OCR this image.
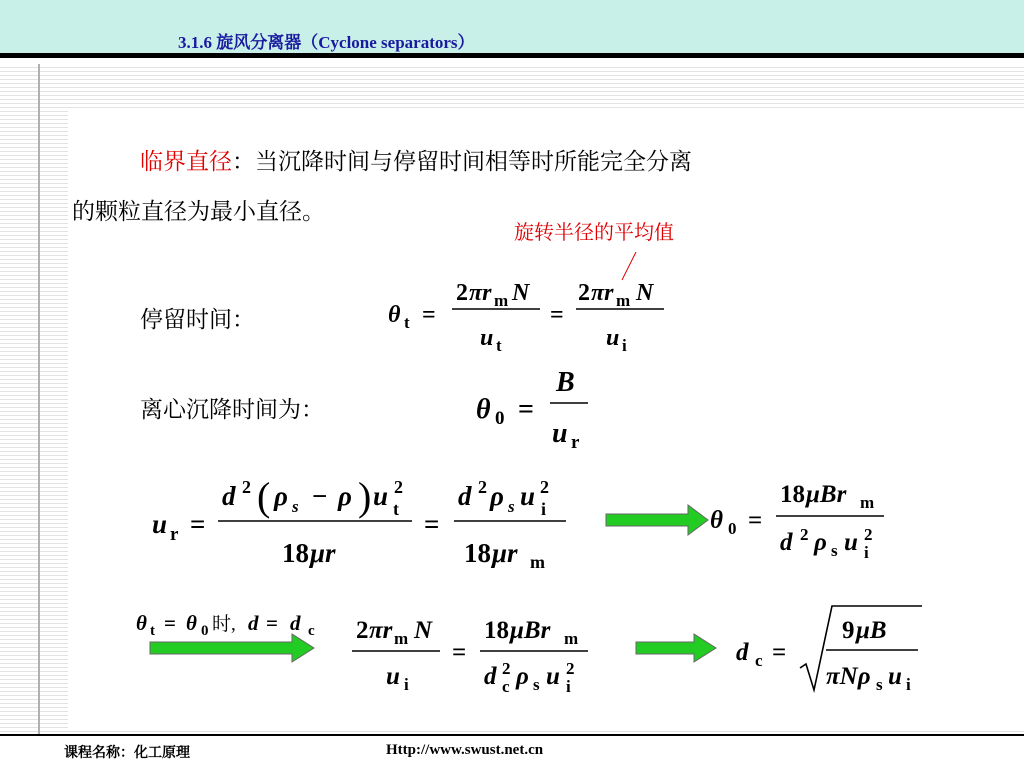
3.1.6 旋风分离器（Cyclone separators）
临界直径：当沉降时间与停留时间相等时所能完全分离
的颗粒直径为最小直径。
旋转半径的平均值
停留时间：
离心沉降时间为：
θ t =
2 πr m N
u t
=
2 πr m N
u i
θ 0 =
B
u r
u r =
d 2 ( ρ s − ρ ) u 2
t
18 μr
=
d 2 ρ s u 2
i
18 μr m
θ 0 =
18 μBr m
d 2 ρ s u 2
i
θ t = θ 0 时, d = d c 2 πr m N
u i
=
18 μBr m
d 2
c ρ s u 2
i
d c =
9 μB
πNρ s u i
课程名称：化工原理	Http://www.swust.net.cn
